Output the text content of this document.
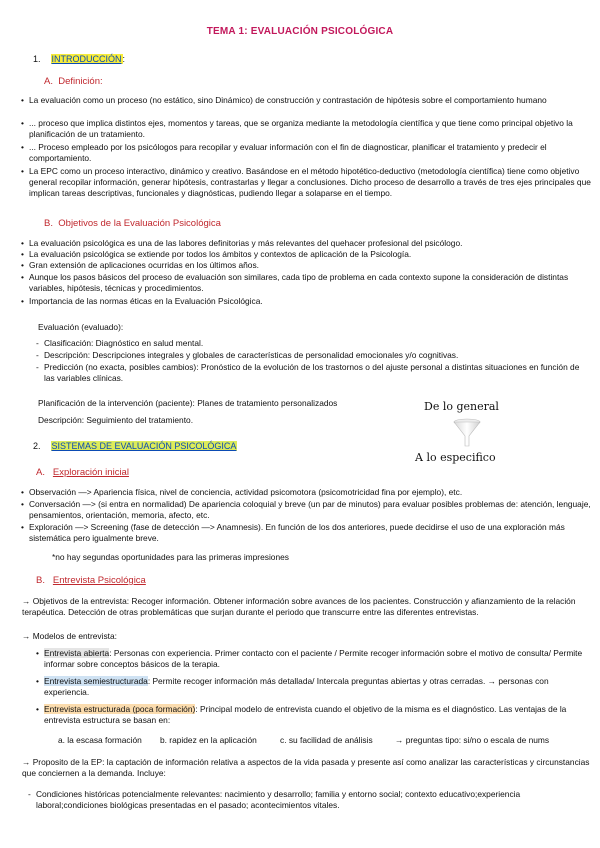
TEMA 1: EVALUACIÓN PSICOLÓGICA
1. INTRODUCCIÓN:
A. Definición:
• La evaluación como un proceso (no estático, sino Dinámico) de construcción y contrastación de hipótesis sobre el comportamiento humano
• ... proceso que implica distintos ejes, momentos y tareas, que se organiza mediante la metodología científica y que tiene como principal objetivo la planificación de un tratamiento.
• ... Proceso empleado por los psicólogos para recopilar y evaluar información con el fin de diagnosticar, planificar el tratamiento y predecir el comportamiento.
• La EPC como un proceso interactivo, dinámico y creativo. Basándose en el método hipotético-deductivo (metodología científica) tiene como objetivo general recopilar información, generar hipótesis, contrastarlas y llegar a conclusiones. Dicho proceso de desarrollo a través de tres ejes principales que implican tareas descriptivas, funcionales y diagnósticas, pudiendo llegar a solaparse en el tiempo.
B. Objetivos de la Evaluación Psicológica
• La evaluación psicológica es una de las labores definitorias y más relevantes del quehacer profesional del psicólogo.
• La evaluación psicológica se extiende por todos los ámbitos y contextos de aplicación de la Psicología.
• Gran extensión de aplicaciones ocurridas en los últimos años.
• Aunque los pasos básicos del proceso de evaluación son similares, cada tipo de problema en cada contexto supone la consideración de distintas variables, hipótesis, técnicas y procedimientos.
• Importancia de las normas éticas en la Evaluación Psicológica.
Evaluación (evaluado):
- Clasificación: Diagnóstico en salud mental.
- Descripción: Descripciones integrales y globales de características de personalidad emocionales y/o cognitivas.
- Predicción (no exacta, posibles cambios): Pronóstico de la evolución de los trastornos o del ajuste personal a distintas situaciones en función de las variables clínicas.
Planificación de la intervención (paciente): Planes de tratamiento personalizados
Descripción: Seguimiento del tratamiento.
De lo general
A lo especifico
2. SISTEMAS DE EVALUACIÓN PSICOLÓGICA
A. Exploración inicial
• Observación —> Apariencia física, nivel de conciencia, actividad psicomotora (psicomotricidad fina por ejemplo), etc.
• Conversación —> (si entra en normalidad) De apariencia coloquial y breve (un par de minutos) para evaluar posibles problemas de: atención, lenguaje, pensamientos, orientación, memoria, afecto, etc.
• Exploración —> Screening (fase de detección —> Anamnesis). En función de los dos anteriores, puede decidirse el uso de una exploración más sistemática pero igualmente breve.
*no hay segundas oportunidades para las primeras impresiones
B. Entrevista Psicológica
→ Objetivos de la entrevista: Recoger información. Obtener información sobre avances de los pacientes. Construcción y afianzamiento de la relación terapéutica. Detección de otras problemáticas que surjan durante el periodo que transcurre entre las diferentes entrevistas.
→ Modelos de entrevista:
• Entrevista abierta: Personas con experiencia. Primer contacto con el paciente / Permite recoger información sobre el motivo de consulta/ Permite informar sobre conceptos básicos de la terapia.
• Entrevista semiestructurada: Permite recoger información más detallada/ Intercala preguntas abiertas y otras cerradas. → personas con experiencia.
• Entrevista estructurada (poca formación): Principal modelo de entrevista cuando el objetivo de la misma es el diagnóstico. Las ventajas de la entrevista estructura se basan en:
a. la escasa formación b. rapidez en la aplicación	c. su facilidad de análisis	→ preguntas tipo: si/no o escala de nums
→ Proposito de la EP: la captación de información relativa a aspectos de la vida pasada y presente así como analizar las características y circunstancias que conciernen a la demanda. Incluye:
- Condiciones históricas potencialmente relevantes: nacimiento y desarrollo; familia y entorno social; contexto educativo;experiencia laboral;condiciones biológicas presentadas en el pasado; acontecimientos vitales.
